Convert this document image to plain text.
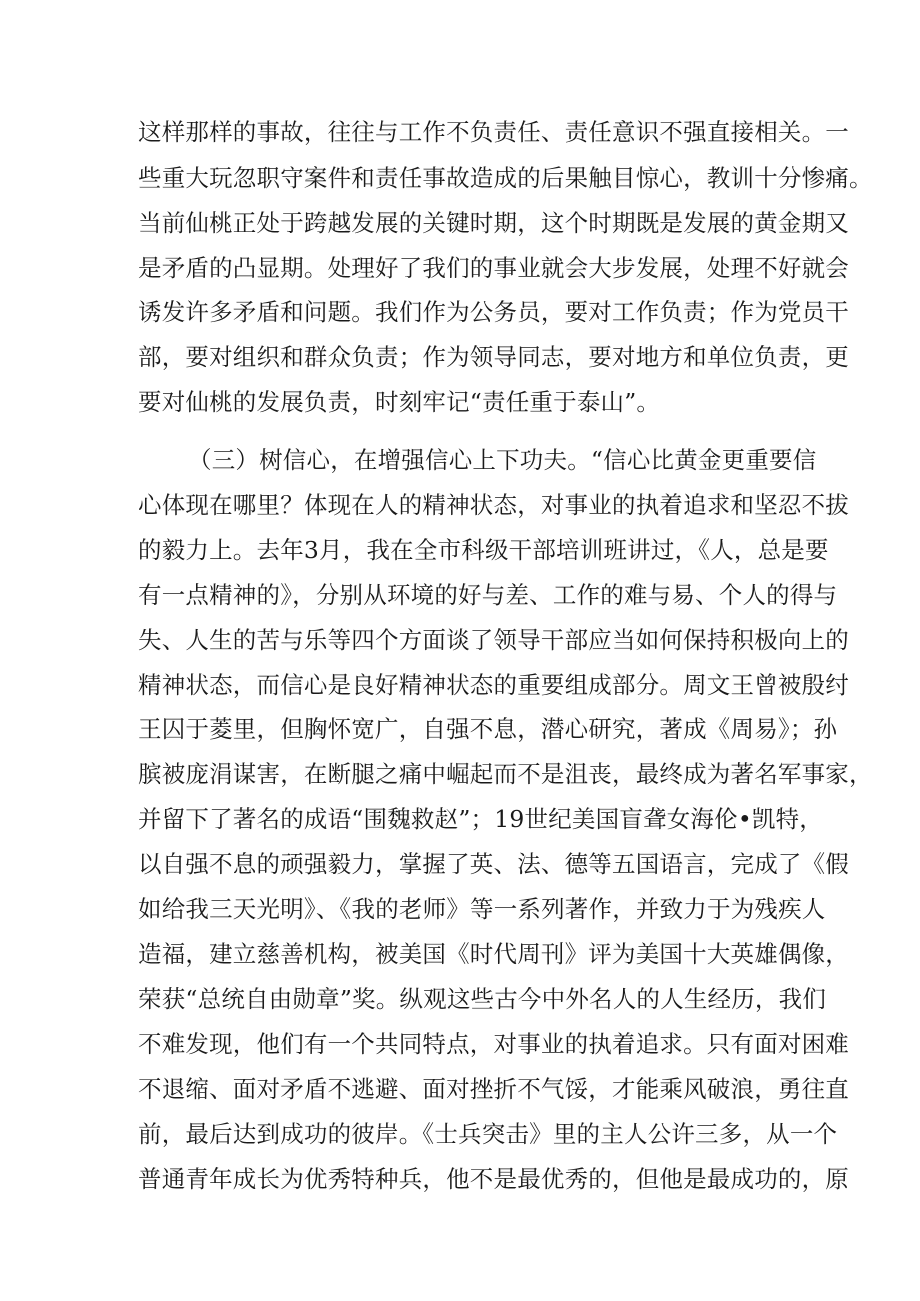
这样那样的事故，往往与工作不负责任、责任意识不强直接相关。一
些重大玩忽职守案件和责任事故造成的后果触目惊心，教训十分惨痛。
当前仙桃正处于跨越发展的关键时期，这个时期既是发展的黄金期又
是矛盾的凸显期。处理好了我们的事业就会大步发展，处理不好就会
诱发许多矛盾和问题。我们作为公务员，要对工作负责；作为党员干
部，要对组织和群众负责；作为领导同志，要对地方和单位负责，更
要对仙桃的发展负责，时刻牢记“责任重于泰山”。
（三）树信心，在增强信心上下功夫。“信心比黄金更重要信
心体现在哪里？体现在人的精神状态，对事业的执着追求和坚忍不拔
的毅力上。去年3月，我在全市科级干部培训班讲过，《人，总是要
有一点精神的》，分别从环境的好与差、工作的难与易、个人的得与
失、人生的苦与乐等四个方面谈了领导干部应当如何保持积极向上的
精神状态，而信心是良好精神状态的重要组成部分。周文王曾被殷纣
王囚于菱里，但胸怀宽广，自强不息，潜心研究，著成《周易》；孙
膑被庞涓谋害，在断腿之痛中崛起而不是沮丧，最终成为著名军事家，
并留下了著名的成语“围魏救赵”；19世纪美国盲聋女海伦•凯特，
以自强不息的顽强毅力，掌握了英、法、德等五国语言，完成了《假
如给我三天光明》、《我的老师》等一系列著作，并致力于为残疾人
造福，建立慈善机构，被美国《时代周刊》评为美国十大英雄偶像，
荣获“总统自由勋章”奖。纵观这些古今中外名人的人生经历，我们
不难发现，他们有一个共同特点，对事业的执着追求。只有面对困难
不退缩、面对矛盾不逃避、面对挫折不气馁，才能乘风破浪，勇往直
前，最后达到成功的彼岸。《士兵突击》里的主人公许三多，从一个
普通青年成长为优秀特种兵，他不是最优秀的，但他是最成功的，原
